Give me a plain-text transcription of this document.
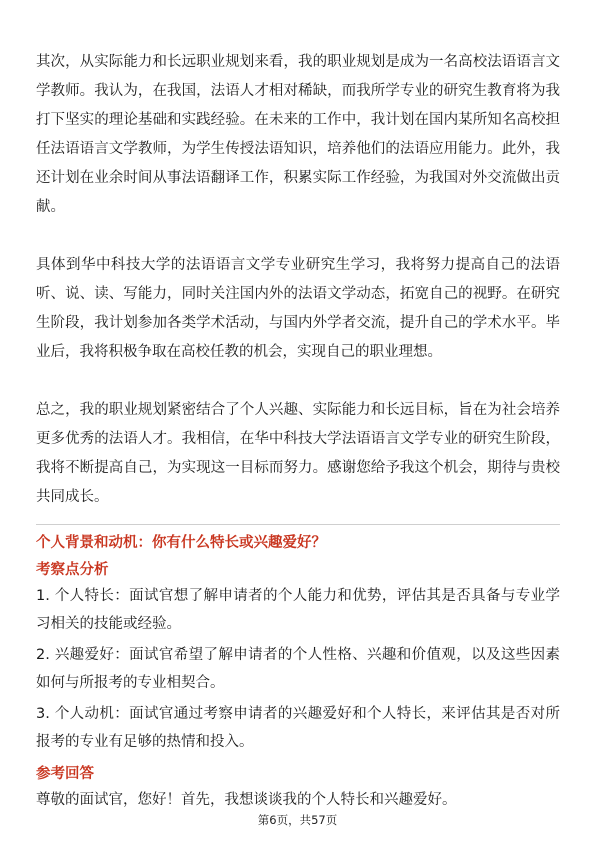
其次，从实际能力和长远职业规划来看，我的职业规划是成为一名高校法语语言文学教师。我认为，在我国，法语人才相对稀缺，而我所学专业的研究生教育将为我打下坚实的理论基础和实践经验。在未来的工作中，我计划在国内某所知名高校担任法语语言文学教师，为学生传授法语知识，培养他们的法语应用能力。此外，我还计划在业余时间从事法语翻译工作，积累实际工作经验，为我国对外交流做出贡献。

具体到华中科技大学的法语语言文学专业研究生学习，我将努力提高自己的法语听、说、读、写能力，同时关注国内外的法语文学动态，拓宽自己的视野。在研究生阶段，我计划参加各类学术活动，与国内外学者交流，提升自己的学术水平。毕业后，我将积极争取在高校任教的机会，实现自己的职业理想。

总之，我的职业规划紧密结合了个人兴趣、实际能力和长远目标，旨在为社会培养更多优秀的法语人才。我相信，在华中科技大学法语语言文学专业的研究生阶段，我将不断提高自己，为实现这一目标而努力。感谢您给予我这个机会，期待与贵校共同成长。

个人背景和动机：你有什么特长或兴趣爱好？
考察点分析

1. 个人特长：面试官想了解申请者的个人能力和优势，评估其是否具备与专业学习相关的技能或经验。

2. 兴趣爱好：面试官希望了解申请者的个人性格、兴趣和价值观，以及这些因素如何与所报考的专业相契合。

3. 个人动机：面试官通过考察申请者的兴趣爱好和个人特长，来评估其是否对所报考的专业有足够的热情和投入。

参考回答

尊敬的面试官，您好！首先，我想谈谈我的个人特长和兴趣爱好。

第6页，共57页
